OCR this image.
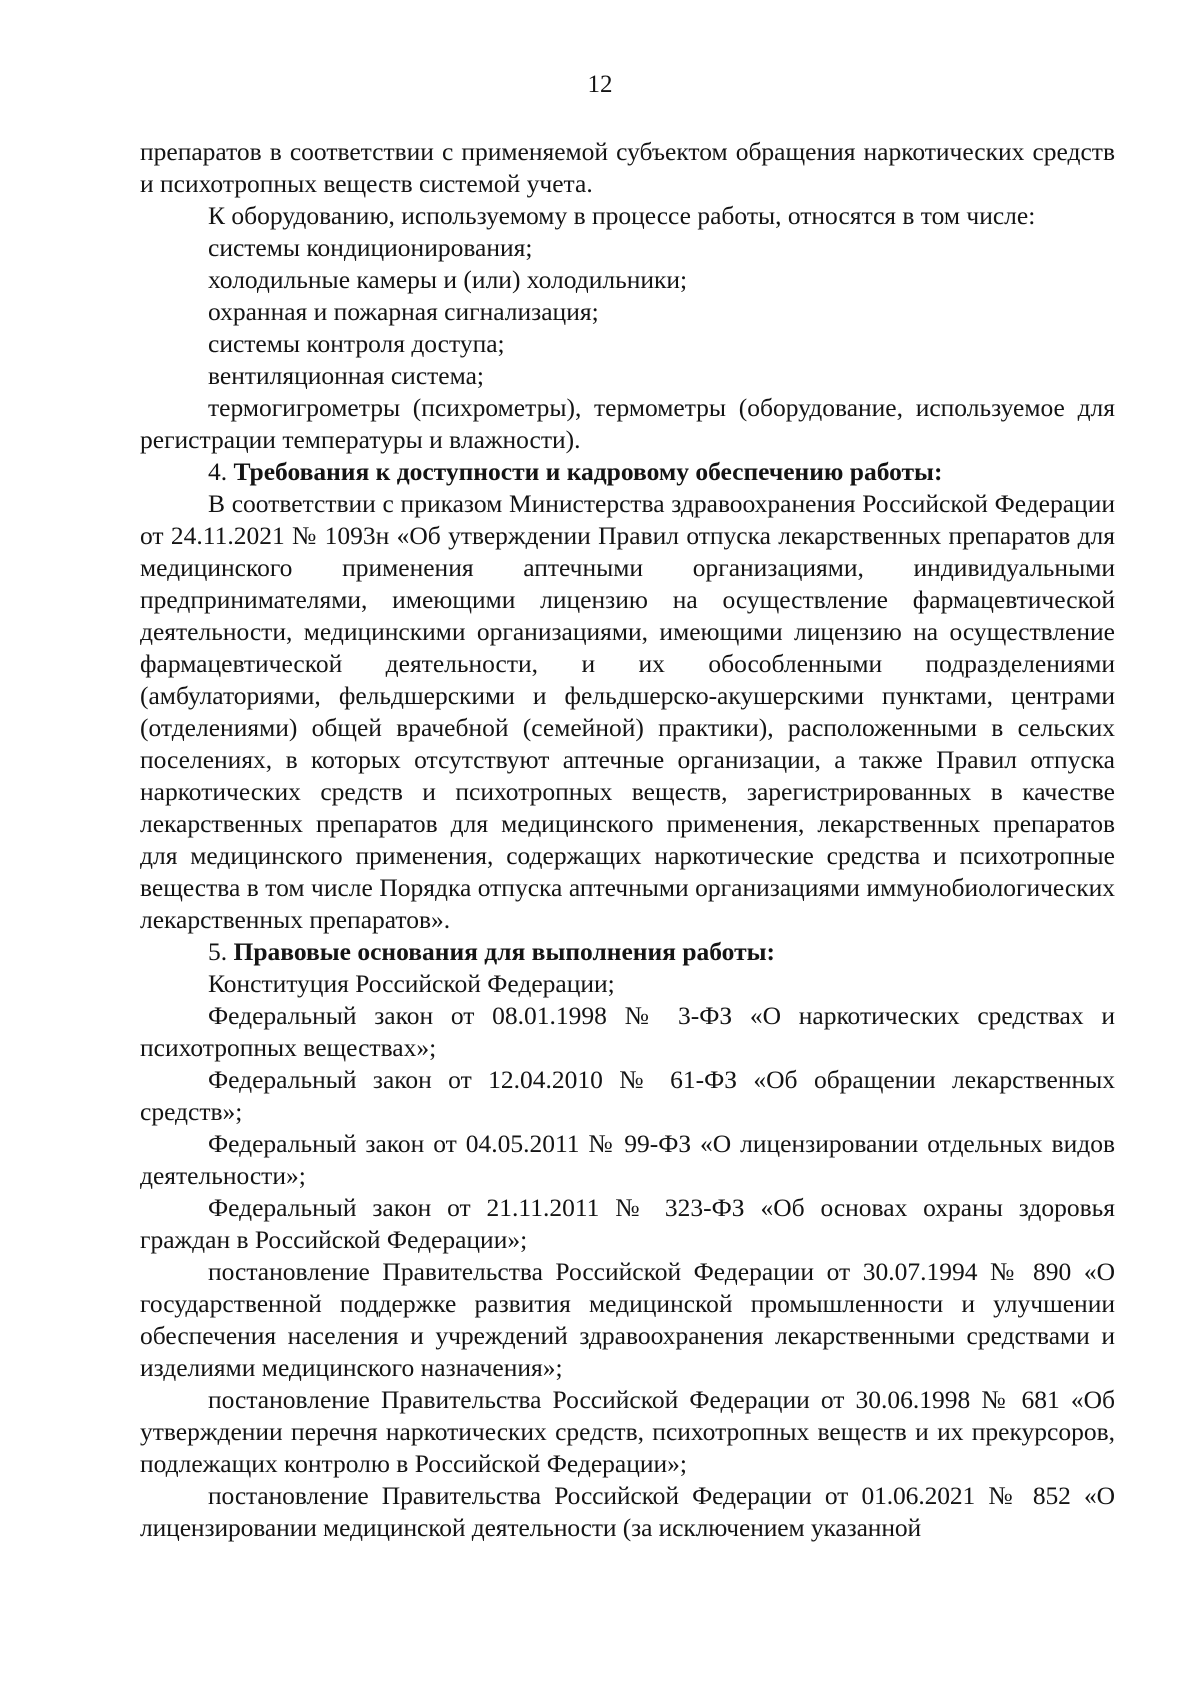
12

препаратов в соответствии с применяемой субъектом обращения наркотических средств и психотропных веществ системой учета.

К оборудованию, используемому в процессе работы, относятся в том числе:

системы кондиционирования;

холодильные камеры и (или) холодильники;

охранная и пожарная сигнализация;

системы контроля доступа;

вентиляционная система;

термогигрометры (психрометры), термометры (оборудование, используемое для регистрации температуры и влажности).

4. Требования к доступности и кадровому обеспечению работы:

В соответствии с приказом Министерства здравоохранения Российской Федерации от 24.11.2021 № 1093н «Об утверждении Правил отпуска лекарственных препаратов для медицинского применения аптечными организациями, индивидуальными предпринимателями, имеющими лицензию на осуществление фармацевтической деятельности, медицинскими организациями, имеющими лицензию на осуществление фармацевтической деятельности, и их обособленными подразделениями (амбулаториями, фельдшерскими и фельдшерско-акушерскими пунктами, центрами (отделениями) общей врачебной (семейной) практики), расположенными в сельских поселениях, в которых отсутствуют аптечные организации, а также Правил отпуска наркотических средств и психотропных веществ, зарегистрированных в качестве лекарственных препаратов для медицинского применения, лекарственных препаратов для медицинского применения, содержащих наркотические средства и психотропные вещества в том числе Порядка отпуска аптечными организациями иммунобиологических лекарственных препаратов».

5. Правовые основания для выполнения работы:

Конституция Российской Федерации;

Федеральный закон от 08.01.1998 № 3-ФЗ «О наркотических средствах и психотропных веществах»;

Федеральный закон от 12.04.2010 № 61-ФЗ «Об обращении лекарственных средств»;

Федеральный закон от 04.05.2011 № 99-ФЗ «О лицензировании отдельных видов деятельности»;

Федеральный закон от 21.11.2011 № 323-ФЗ «Об основах охраны здоровья граждан в Российской Федерации»;

постановление Правительства Российской Федерации от 30.07.1994 № 890 «О государственной поддержке развития медицинской промышленности и улучшении обеспечения населения и учреждений здравоохранения лекарственными средствами и изделиями медицинского назначения»;

постановление Правительства Российской Федерации от 30.06.1998 № 681 «Об утверждении перечня наркотических средств, психотропных веществ и их прекурсоров, подлежащих контролю в Российской Федерации»;

постановление Правительства Российской Федерации от 01.06.2021 № 852 «О лицензировании медицинской деятельности (за исключением указанной
